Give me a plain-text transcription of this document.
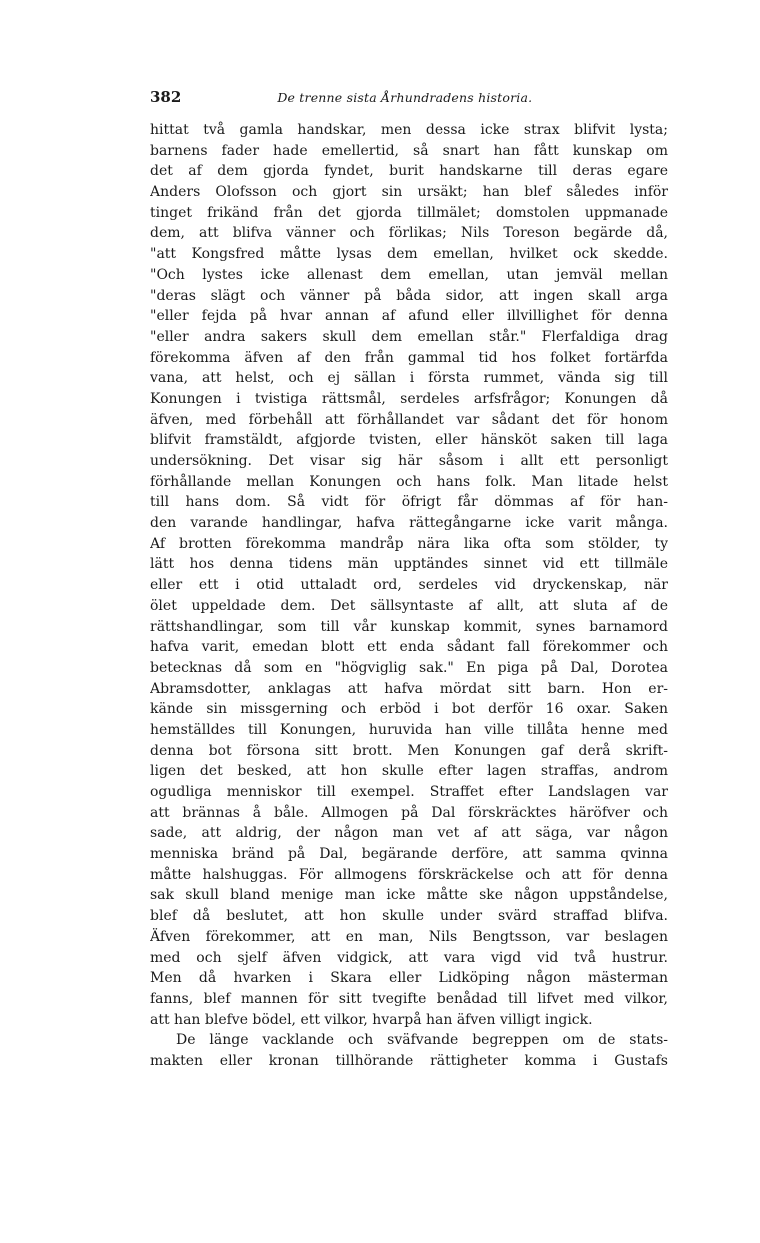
382	De trenne sista Århundradens historia.
hittat två gamla handskar, men dessa icke strax blifvit lysta;
barnens fader hade emellertid, så snart han fått kunskap om
det af dem gjorda fyndet, burit handskarne till deras egare
Anders Olofsson och gjort sin ursäkt; han blef således inför
tinget frikänd från det gjorda tillmälet; domstolen uppmanade
dem, att blifva vänner och förlikas; Nils Toreson begärde då,
"att Kongsfred måtte lysas dem emellan, hvilket ock skedde.
"Och lystes icke allenast dem emellan, utan jemväl mellan
"deras slägt och vänner på båda sidor, att ingen skall arga
"eller fejda på hvar annan af afund eller illvillighet för denna
"eller andra sakers skull dem emellan står." Flerfaldiga drag
förekomma äfven af den från gammal tid hos folket fortärfda
vana, att helst, och ej sällan i första rummet, vända sig till
Konungen i tvistiga rättsmål, serdeles arfsfrågor; Konungen då
äfven, med förbehåll att förhållandet var sådant det för honom
blifvit framstäldt, afgjorde tvisten, eller hänsköt saken till laga
undersökning. Det visar sig här såsom i allt ett personligt
förhållande mellan Konungen och hans folk. Man litade helst
till hans dom. Så vidt för öfrigt får dömmas af för han-
den varande handlingar, hafva rättegångarne icke varit många.
Af brotten förekomma mandråp nära lika ofta som stölder, ty
lätt hos denna tidens män upptändes sinnet vid ett tillmäle
eller ett i otid uttaladt ord, serdeles vid dryckenskap, när
ölet uppeldade dem. Det sällsyntaste af allt, att sluta af de
rättshandlingar, som till vår kunskap kommit, synes barnamord
hafva varit, emedan blott ett enda sådant fall förekommer och
betecknas då som en "högviglig sak." En piga på Dal, Dorotea
Abramsdotter, anklagas att hafva mördat sitt barn. Hon er-
kände sin missgerning och erböd i bot derför 16 oxar. Saken
hemställdes till Konungen, huruvida han ville tillåta henne med
denna bot försona sitt brott. Men Konungen gaf derå skrift-
ligen det besked, att hon skulle efter lagen straffas, androm
ogudliga menniskor till exempel. Straffet efter Landslagen var
att brännas å båle. Allmogen på Dal förskräcktes häröfver och
sade, att aldrig, der någon man vet af att säga, var någon
menniska bränd på Dal, begärande derföre, att samma qvinna
måtte halshuggas. För allmogens förskräckelse och att för denna
sak skull bland menige man icke måtte ske någon uppståndelse,
blef då beslutet, att hon skulle under svärd straffad blifva.
Äfven förekommer, att en man, Nils Bengtsson, var beslagen
med och sjelf äfven vidgick, att vara vigd vid två hustrur.
Men då hvarken i Skara eller Lidköping någon mästerman
fanns, blef mannen för sitt tvegifte benådad till lifvet med vilkor,
att han blefve bödel, ett vilkor, hvarpå han äfven villigt ingick.
De länge vacklande och sväfvande begreppen om de stats-
makten eller kronan tillhörande rättigheter komma i Gustafs
